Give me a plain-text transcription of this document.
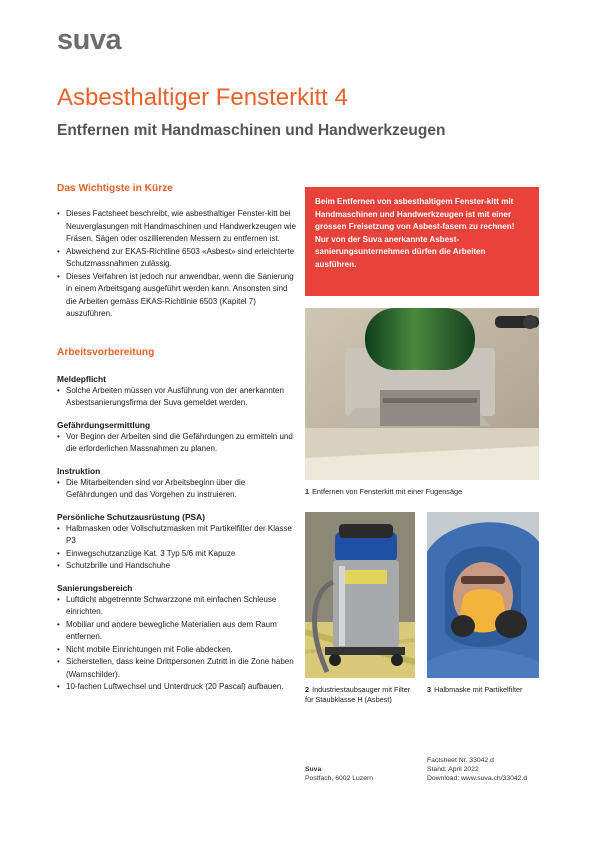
suva
Asbesthaltiger Fensterkitt 4
Entfernen mit Handmaschinen und Handwerkzeugen
Das Wichtigste in Kürze
• Dieses Factsheet beschreibt, wie asbesthaltiger Fenster-kitt bei Neuverglasungen mit Handmaschinen und Handwerkzeugen wie Fräsen, Sägen oder oszillierenden Messern zu entfernen ist.
• Abweichend zur EKAS-Richtline 6503 «Asbest» sind erleichterte Schutzmassnahmen zulässig.
• Dieses Verfahren ist jedoch nur anwendbar, wenn die Sanierung in einem Arbeitsgang ausgeführt werden kann. Ansonsten sind die Arbeiten gemäss EKAS-Richtlinie 6503 (Kapitel 7) auszuführen.
Arbeitsvorbereitung
Meldepflicht
• Solche Arbeiten müssen vor Ausführung von der anerkannten Asbestsanierungsfirma der Suva gemeldet werden.
Gefährdungsermittlung
• Vor Beginn der Arbeiten sind die Gefährdungen zu ermitteln und die erforderlichen Massnahmen zu planen.
Instruktion
• Die Mitarbeitenden sind vor Arbeitsbeginn über die Gefährdungen und das Vorgehen zu instruieren.
Persönliche Schutzausrüstung (PSA)
• Halbmasken oder Vollschutzmasken mit Partikelfilter der Klasse P3
• Einwegschutzanzüge Kat. 3 Typ 5/6 mit Kapuze
• Schutzbrille und Handschuhe
Sanierungsbereich
• Luftdicht abgetrennte Schwarzzone mit einfachen Schleuse einrichten.
• Mobiliar und andere bewegliche Materialien aus dem Raum entfernen.
• Nicht mobile Einrichtungen mit Folie abdecken.
• Sicherstellen, dass keine Drittpersonen Zutritt in die Zone haben (Warnschilder).
• 10-fachen Luftwechsel und Unterdruck (20 Pascal) aufbauen.

Beim Entfernen von asbesthaltigem Fenster-kitt mit Handmaschinen und Handwerkzeugen ist mit einer grossen Freisetzung von Asbest-fasern zu rechnen!

Nur von der Suva anerkannte Asbest-sanierungsunternehmen dürfen die Arbeiten ausführen.

1 Entfernen von Fensterkitt mit einer Fugensäge
2 Industriestaubsauger mit Filter für Staubklasse H (Asbest)
3 Halbmaske mit Partikelfilter
Suva
Postfach, 6002 Luzern
Factsheet Nr. 33042.d
Stand: April 2022
Download: www.suva.ch/33042.d
